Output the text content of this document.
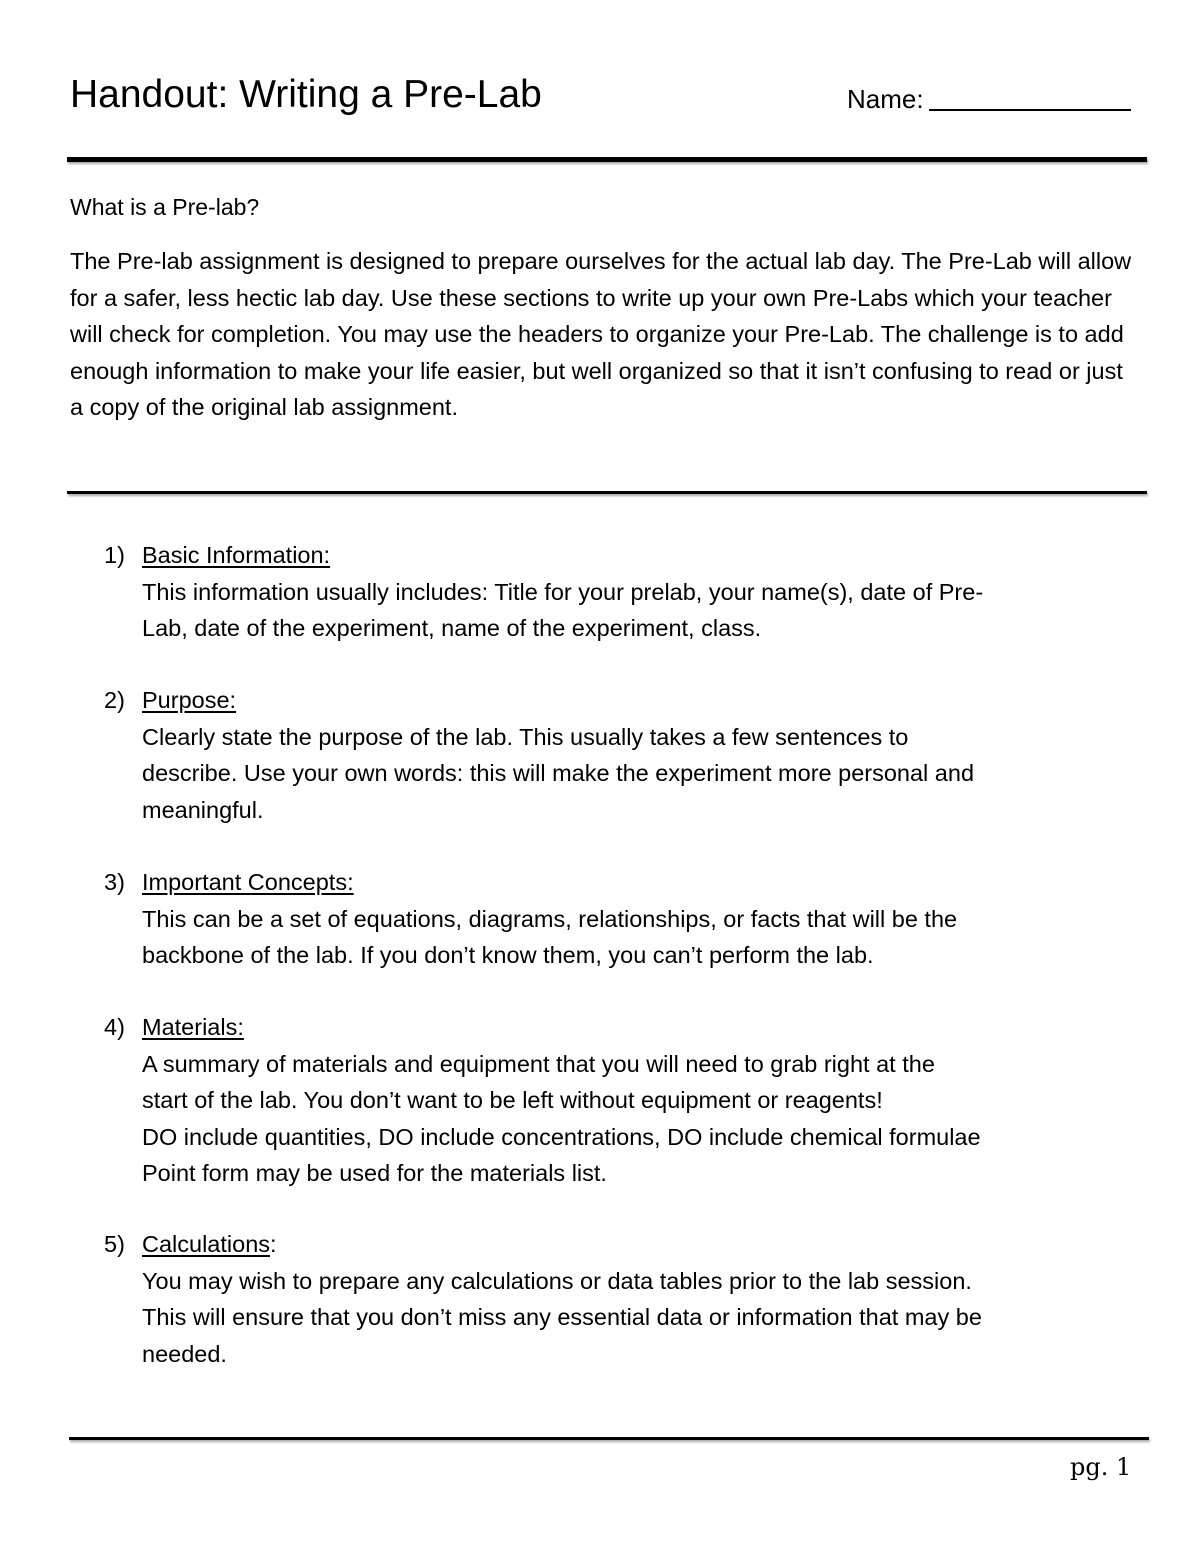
Handout: Writing a Pre-Lab	Name:
What is a Pre-lab?

The Pre-lab assignment is designed to prepare ourselves for the actual lab day. The Pre-Lab will allow for a safer, less hectic lab day. Use these sections to write up your own Pre-Labs which your teacher will check for completion. You may use the headers to organize your Pre-Lab. The challenge is to add enough information to make your life easier, but well organized so that it isn’t confusing to read or just a copy of the original lab assignment.

1) Basic Information:
This information usually includes: Title for your prelab, your name(s), date of Pre-
Lab, date of the experiment, name of the experiment, class.
2) Purpose:
Clearly state the purpose of the lab. This usually takes a few sentences to
describe. Use your own words: this will make the experiment more personal and
meaningful.
3) Important Concepts:
This can be a set of equations, diagrams, relationships, or facts that will be the
backbone of the lab. If you don’t know them, you can’t perform the lab.
4) Materials:
A summary of materials and equipment that you will need to grab right at the
start of the lab. You don’t want to be left without equipment or reagents!
DO include quantities, DO include concentrations, DO include chemical formulae
Point form may be used for the materials list.
5) Calculations:
You may wish to prepare any calculations or data tables prior to the lab session.
This will ensure that you don’t miss any essential data or information that may be
needed.
pg. 1
